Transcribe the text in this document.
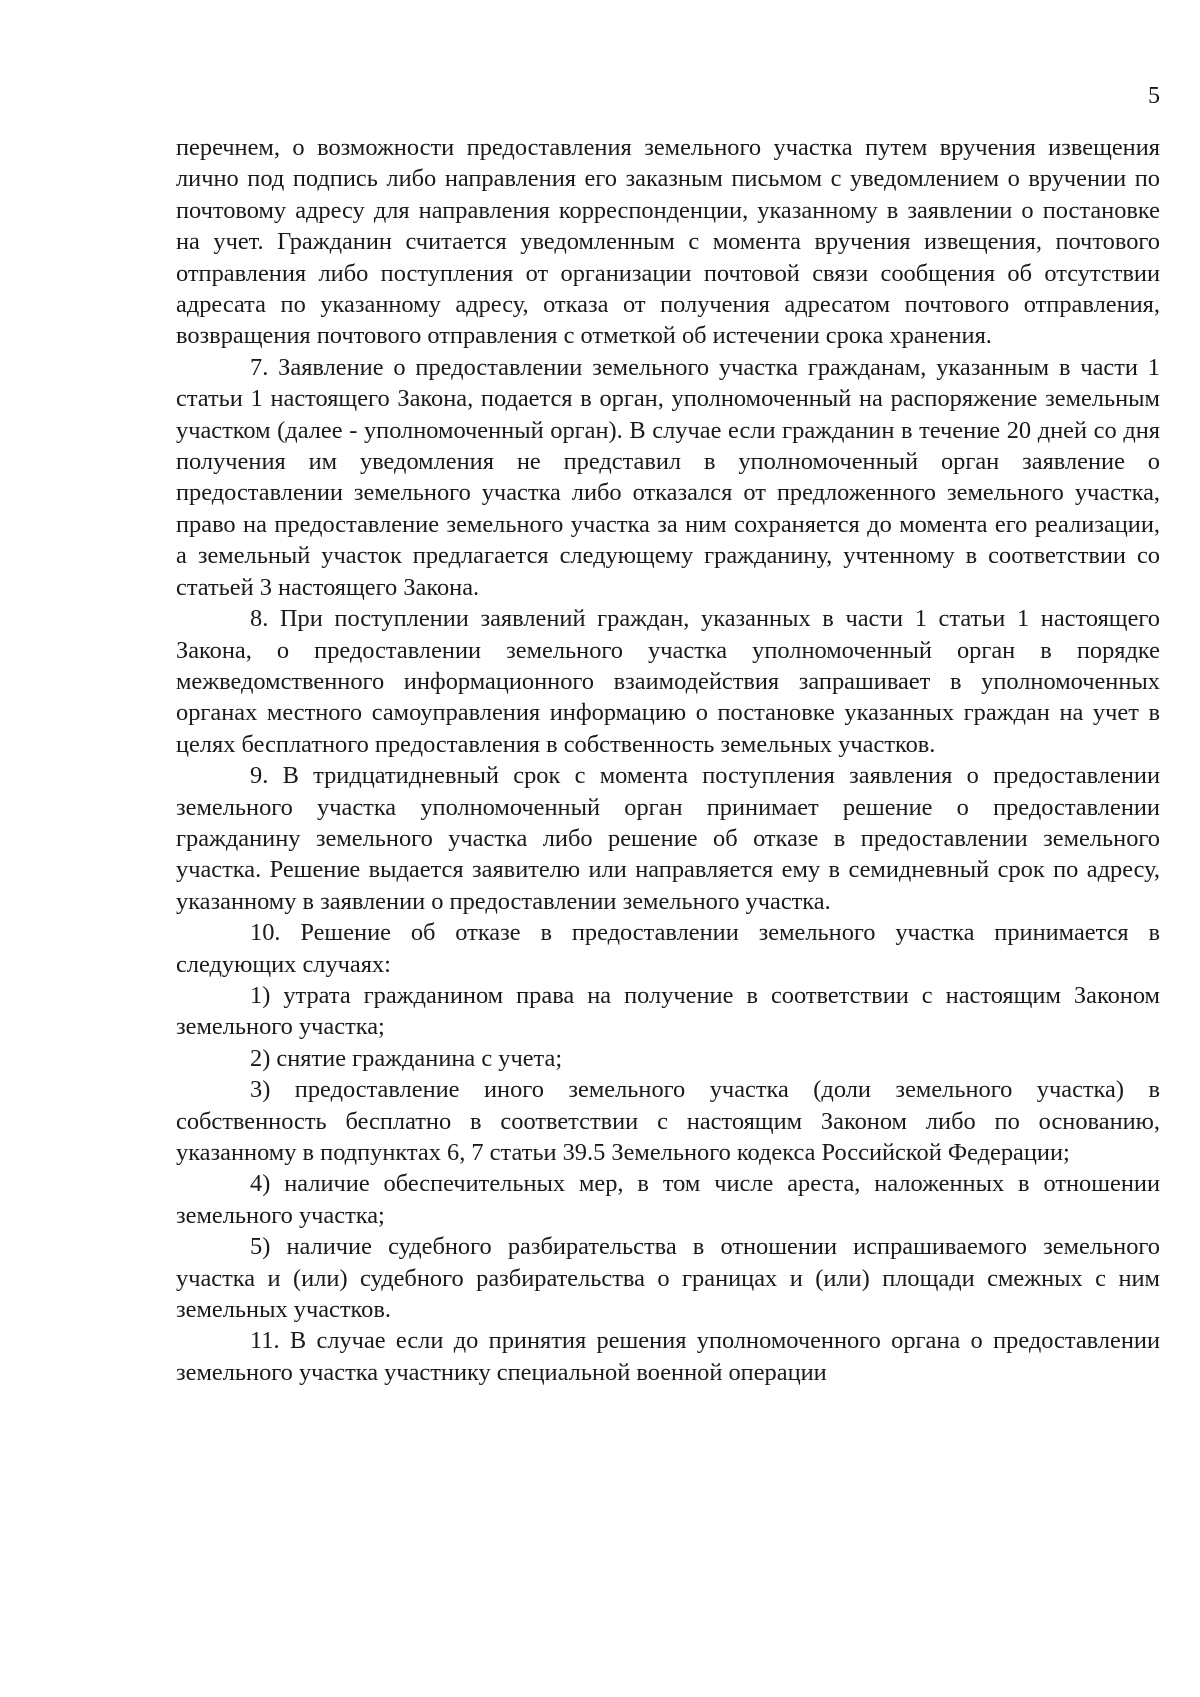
5

перечнем, о возможности предоставления земельного участка путем вручения извещения лично под подпись либо направления его заказным письмом с уведомлением о вручении по почтовому адресу для направления корреспонденции, указанному в заявлении о постановке на учет. Гражданин считается уведомленным с момента вручения извещения, почтового отправления либо поступления от организации почтовой связи сообщения об отсутствии адресата по указанному адресу, отказа от получения адресатом почтового отправления, возвращения почтового отправления с отметкой об истечении срока хранения.

7. Заявление о предоставлении земельного участка гражданам, указанным в части 1 статьи 1 настоящего Закона, подается в орган, уполномоченный на распоряжение земельным участком (далее - уполномоченный орган). В случае если гражданин в течение 20 дней со дня получения им уведомления не представил в уполномоченный орган заявление о предоставлении земельного участка либо отказался от предложенного земельного участка, право на предоставление земельного участка за ним сохраняется до момента его реализации, а земельный участок предлагается следующему гражданину, учтенному в соответствии со статьей 3 настоящего Закона.

8. При поступлении заявлений граждан, указанных в части 1 статьи 1 настоящего Закона, о предоставлении земельного участка уполномоченный орган в порядке межведомственного информационного взаимодействия запрашивает в уполномоченных органах местного самоуправления информацию о постановке указанных граждан на учет в целях бесплатного предоставления в собственность земельных участков.

9. В тридцатидневный срок с момента поступления заявления о предоставлении земельного участка уполномоченный орган принимает решение о предоставлении гражданину земельного участка либо решение об отказе в предоставлении земельного участка. Решение выдается заявителю или направляется ему в семидневный срок по адресу, указанному в заявлении о предоставлении земельного участка.

10. Решение об отказе в предоставлении земельного участка принимается в следующих случаях:

1) утрата гражданином права на получение в соответствии с настоящим Законом земельного участка;

2) снятие гражданина с учета;

3) предоставление иного земельного участка (доли земельного участка) в собственность бесплатно в соответствии с настоящим Законом либо по основанию, указанному в подпунктах 6, 7 статьи 39.5 Земельного кодекса Российской Федерации;

4) наличие обеспечительных мер, в том числе ареста, наложенных в отношении земельного участка;

5) наличие судебного разбирательства в отношении испрашиваемого земельного участка и (или) судебного разбирательства о границах и (или) площади смежных с ним земельных участков.

11. В случае если до принятия решения уполномоченного органа о предоставлении земельного участка участнику специальной военной операции
